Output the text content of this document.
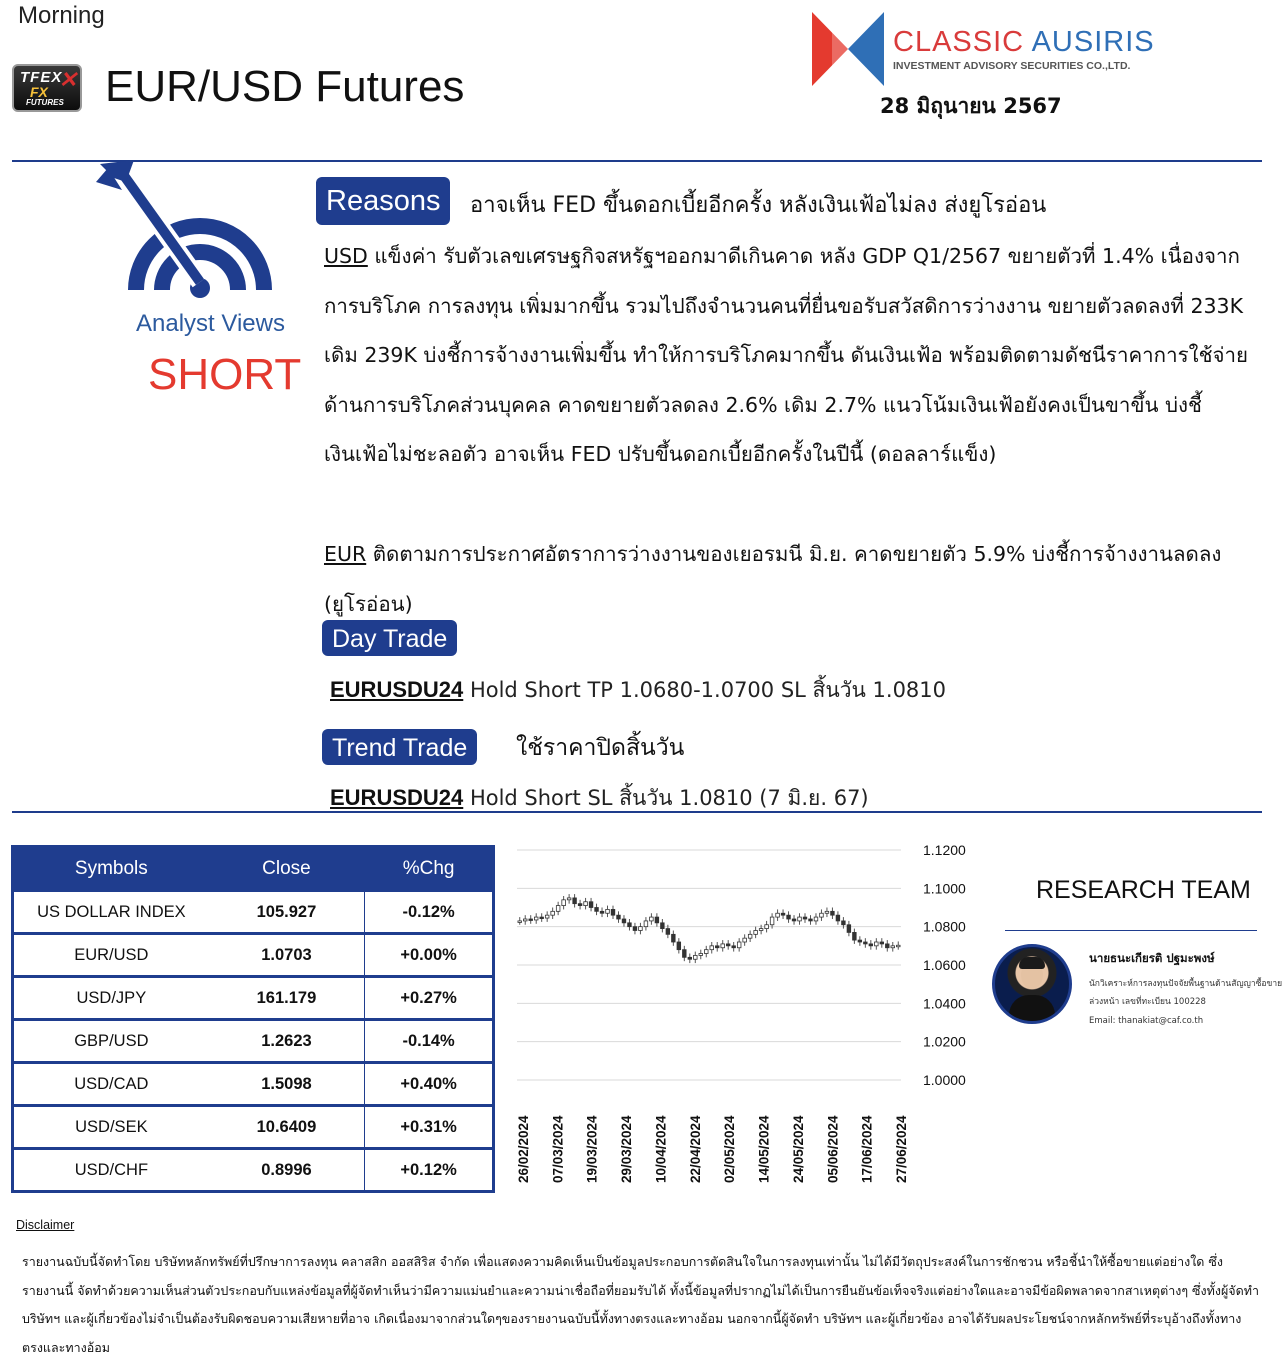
Morning
TFEX
✕
FX
FUTURES EUR/USD Futures
CLASSIC AUSIRIS
INVESTMENT ADVISORY SECURITIES CO.,LTD.
28 มิถุนายน 2567
Analyst Views
SHORT
Reasons	อาจเห็น FED ขึ้นดอกเบี้ยอีกครั้ง หลังเงินเฟ้อไม่ลง ส่งยูโรอ่อน
USD แข็งค่า รับตัวเลขเศรษฐกิจสหรัฐฯออกมาดีเกินคาด หลัง GDP Q1/2567 ขยายตัวที่ 1.4% เนื่องจากการบริโภค การลงทุน เพิ่มมากขึ้น รวมไปถึงจำนวนคนที่ยื่นขอรับสวัสดิการว่างงาน ขยายตัวลดลงที่ 233K เดิม 239K บ่งชี้การจ้างงานเพิ่มขึ้น ทำให้การบริโภคมากขึ้น ดันเงินเฟ้อ พร้อมติดตามดัชนีราคาการใช้จ่ายด้านการบริโภคส่วนบุคคล คาดขยายตัวลดลง 2.6% เดิม 2.7% แนวโน้มเงินเฟ้อยังคงเป็นขาขึ้น บ่งชี้เงินเฟ้อไม่ชะลอตัว อาจเห็น FED ปรับขึ้นดอกเบี้ยอีกครั้งในปีนี้ (ดอลลาร์แข็ง)
EUR ติดตามการประกาศอัตราการว่างงานของเยอรมนี มิ.ย. คาดขยายตัว 5.9% บ่งชี้การจ้างงานลดลง (ยูโรอ่อน)
Day Trade
EURUSDU24 Hold Short TP 1.0680-1.0700 SL สิ้นวัน 1.0810
Trend Trade	ใช้ราคาปิดสิ้นวัน
EURUSDU24 Hold Short SL สิ้นวัน 1.0810 (7 มิ.ย. 67)
Symbols	Close	%Chg
US DOLLAR INDEX	105.927	-0.12%
EUR/USD	1.0703	+0.00%
USD/JPY	161.179	+0.27%
GBP/USD	1.2623	-0.14%
USD/CAD	1.5098	+0.40%
USD/SEK	10.6409	+0.31%
USD/CHF	0.8996	+0.12%
1.1200
1.1000
1.0800
1.0600
1.0400
1.0200
1.0000
26/02/2024 07/03/2024 19/03/2024 29/03/2024 10/04/2024 22/04/2024 02/05/2024 14/05/2024 24/05/2024 05/06/2024 17/06/2024 27/06/2024
RESEARCH TEAM
นายธนะเกียรติ ปฐมะพงษ์
นักวิเคราะห์การลงทุนปัจจัยพื้นฐานด้านสัญญาซื้อขายล่วงหน้า เลขที่ทะเบียน 100228
Email: thanakiat@caf.co.th
Disclaimer
รายงานฉบับนี้จัดทำโดย บริษัทหลักทรัพย์ที่ปรึกษาการลงทุน คลาสสิก ออสสิริส จำกัด เพื่อแสดงความคิดเห็นเป็นข้อมูลประกอบการตัดสินใจในการลงทุนเท่านั้น ไม่ได้มีวัตถุประสงค์ในการชักชวน หรือชี้นำให้ซื้อขายแต่อย่างใด ซึ่งรายงานนี้ จัดทำด้วยความเห็นส่วนตัวประกอบกับแหล่งข้อมูลที่ผู้จัดทำเห็นว่ามีความแม่นยำและความน่าเชื่อถือที่ยอมรับได้ ทั้งนี้ข้อมูลที่ปรากฏไม่ได้เป็นการยืนยันข้อเท็จจริงแต่อย่างใดและอาจมีข้อผิดพลาดจากสาเหตุต่างๆ ซึ่งทั้งผู้จัดทำ บริษัทฯ และผู้เกี่ยวข้องไม่จำเป็นต้องรับผิดชอบความเสียหายที่อาจ เกิดเนื่องมาจากส่วนใดๆของรายงานฉบับนี้ทั้งทางตรงและทางอ้อม นอกจากนี้ผู้จัดทำ บริษัทฯ และผู้เกี่ยวข้อง อาจได้รับผลประโยชน์จากหลักทรัพย์ที่ระบุอ้างถึงทั้งทางตรงและทางอ้อม
